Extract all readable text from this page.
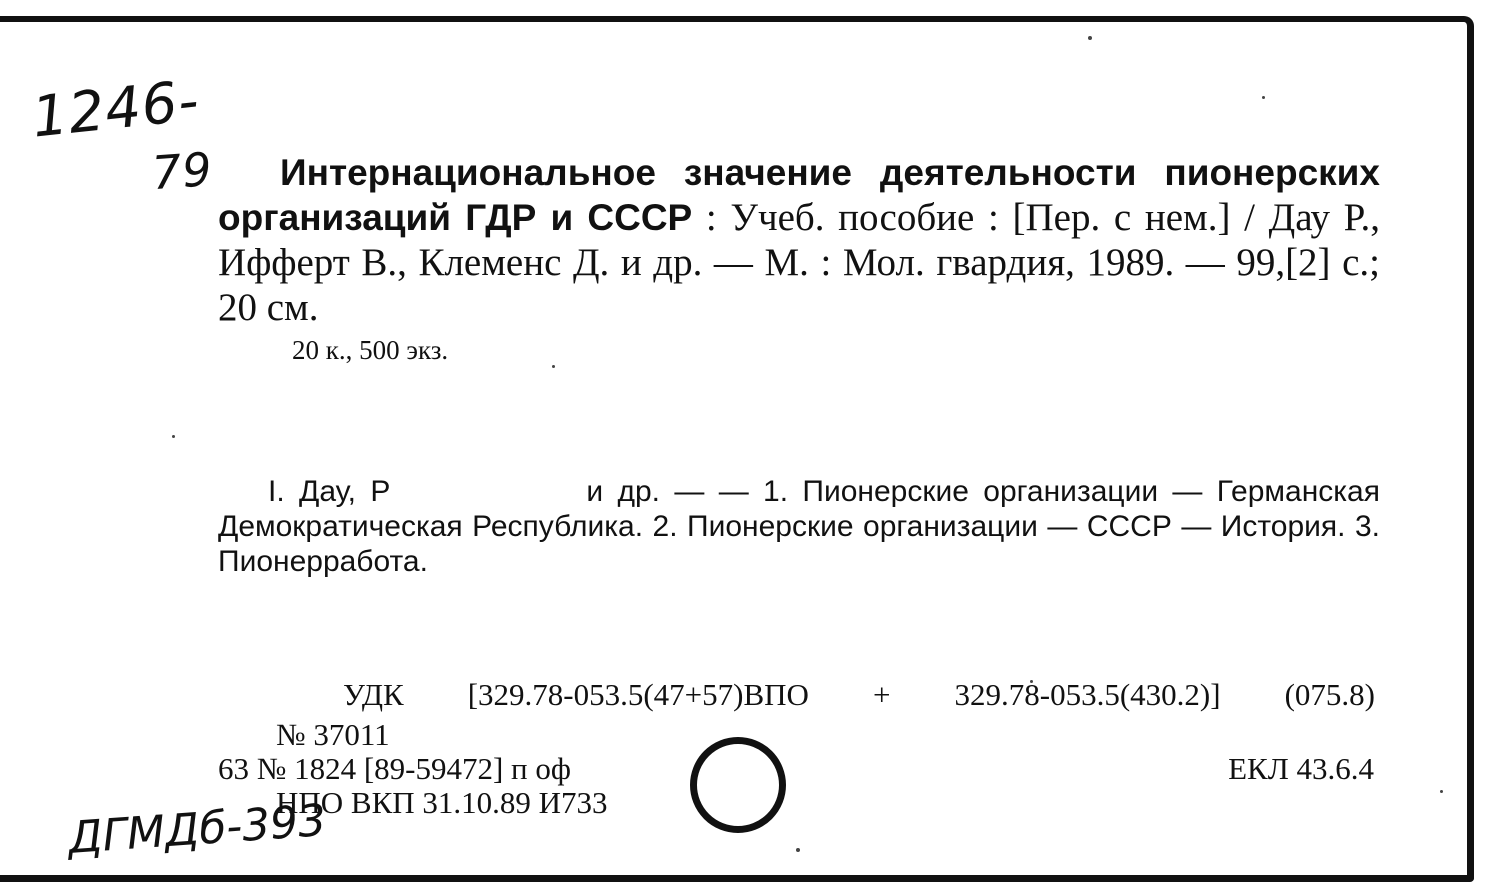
1246-
79	Интернациональное значение деятельности пионерских организаций ГДР и СССР : Учеб. пособие : [Пер. с нем.] / Дау Р., Ифферт В., Клеменс Д. и др. — М. : Мол. гвардия, 1989. — 99,[2] с.; 20 см.

20 к., 500 экз.

I. Дау, Р	и др. — — 1. Пионерские организации — Германская Демократическая Республика. 2. Пионерские организации — СССР — История. 3. Пионерработа.

УДК [329.78-053.5(47+57)ВПО + 329.78-053.5(430.2)] (075.8)
№ 37011
63 № 1824 [89-59472] п оф
НПО ВКП 31.10.89 И733
ЕКЛ 43.6.4
ДГМДб-393
